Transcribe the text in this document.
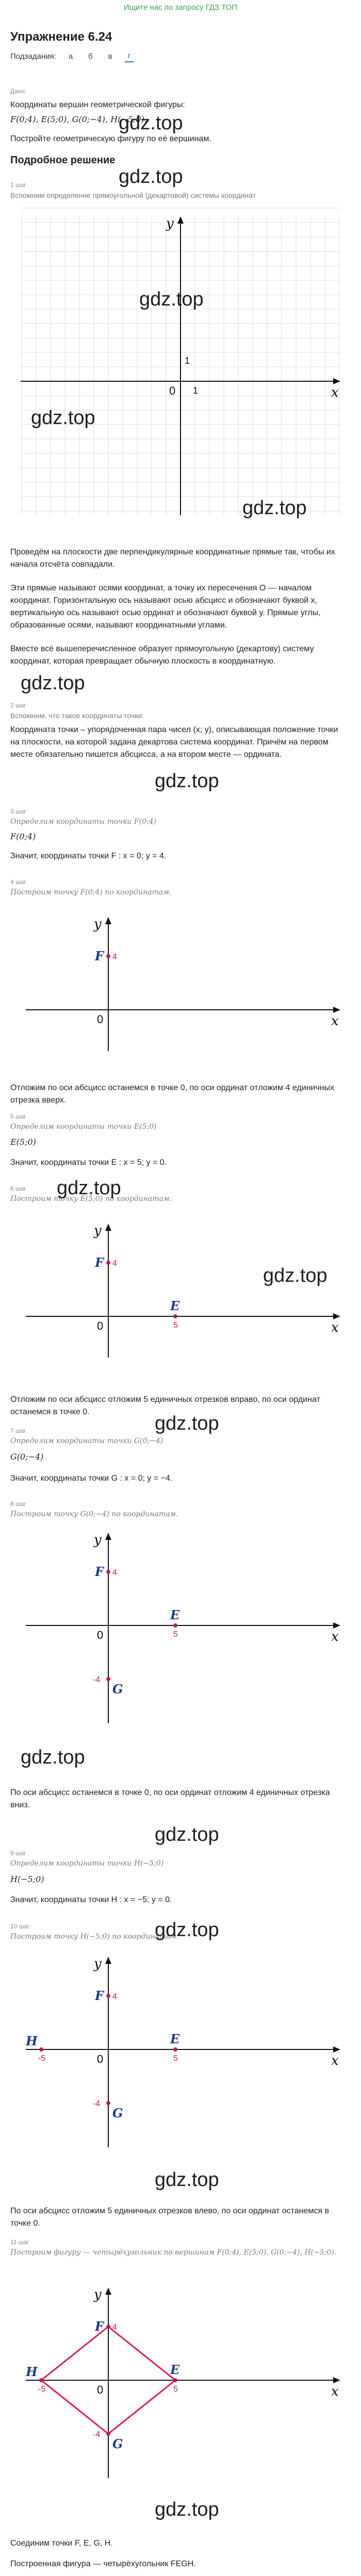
Ищите нас по запросу ГДЗ ТОП
Упражнение 6.24
Подзадания:	а	б	в	г
Дано:
Координаты вершин геометрической фигуры:
F(0;4), E(5;0), G(0;−4), H(−5;0).
Постройте геометрическую фигуру по её вершинам.
Подробное решение
gdz.top
gdz.top
1 шаг
Вспомним определение прямоугольной (декартовой) системы координат
x
y
0
1
1
gdz.top
gdz.top
gdz.top
Проведём на плоскости две перпендикулярные координатные прямые так, чтобы их начала отсчёта совпадали.
Эти прямые называют осями координат, а точку их пересечения O — началом координат. Горизонтальную ось называют осью абсцисс и обозначают буквой x, вертикальную ось называют осью ординат и обозначают буквой y. Прямые углы, образованные осями, называют координатными углами.
Вместе всё вышеперечисленное образует прямоугольную (декартову) систему координат, которая превращает обычную плоскость в координатную.
gdz.top
2 шаг
Вспомним, что такое координаты точки:
Координата точки – упорядоченная пара чисел (x; y), описывающая положение точки на плоскости, на которой задана декартова система координат. Причём на первом месте обязательно пишется абсцисса, а на втором месте — ордината.
gdz.top
3 шаг
Определим координаты точки F(0;4)
F(0;4)
Значит, координаты точки F : x = 0; y = 4.
4 шаг
Построим точку F(0;4) по координатам.
x
y
0
F 4
Отложим по оси абсцисс останемся в точке 0, по оси ординат отложим 4 единичных отрезка вверх.
5 шаг
Определим координаты точки E(5;0)
E(5;0)
Значит, координаты точки E : x = 5; y = 0.
6 шаг
Построим точку E(5;0) по координатам.
gdz.top
x
y
0
F 4
E
5
gdz.top
Отложим по оси абсцисс отложим 5 единичных отрезков вправо, по оси ординат останемся в точке 0.
7 шаг
Определим координаты точки G(0;−4)
G(0;−4)
gdz.top
Значит, координаты точки G : x = 0; y = −4.
8 шаг
Построим точку G(0;−4) по координатам.
x
y
0
F 4
E
5
G
-4
gdz.top
По оси абсцисс останемся в точке 0, по оси ординат отложим 4 единичных отрезка вниз.
gdz.top
9 шаг
Определим координаты точки H(−5;0)
H(−5;0)
Значит, координаты точки H : x = −5; y = 0.
10 шаг
Построим точку H(−5;0) по координатам.
gdz.top
x
y
0
F 4
E
5
G
-4
H
-5
gdz.top
По оси абсцисс отложим 5 единичных отрезков влево, по оси ординат останемся в точке 0.
11 шаг
Построим фигуру — четырёхугольник по вершинам F(0;4), E(5;0), G(0;−4), H(−5;0).
x
y
0
F 4
E
5
G
-4
H
-5
gdz.top
Соединим точки F, E, G, H.
Построенная фигура — четырёхугольник FEGH.
